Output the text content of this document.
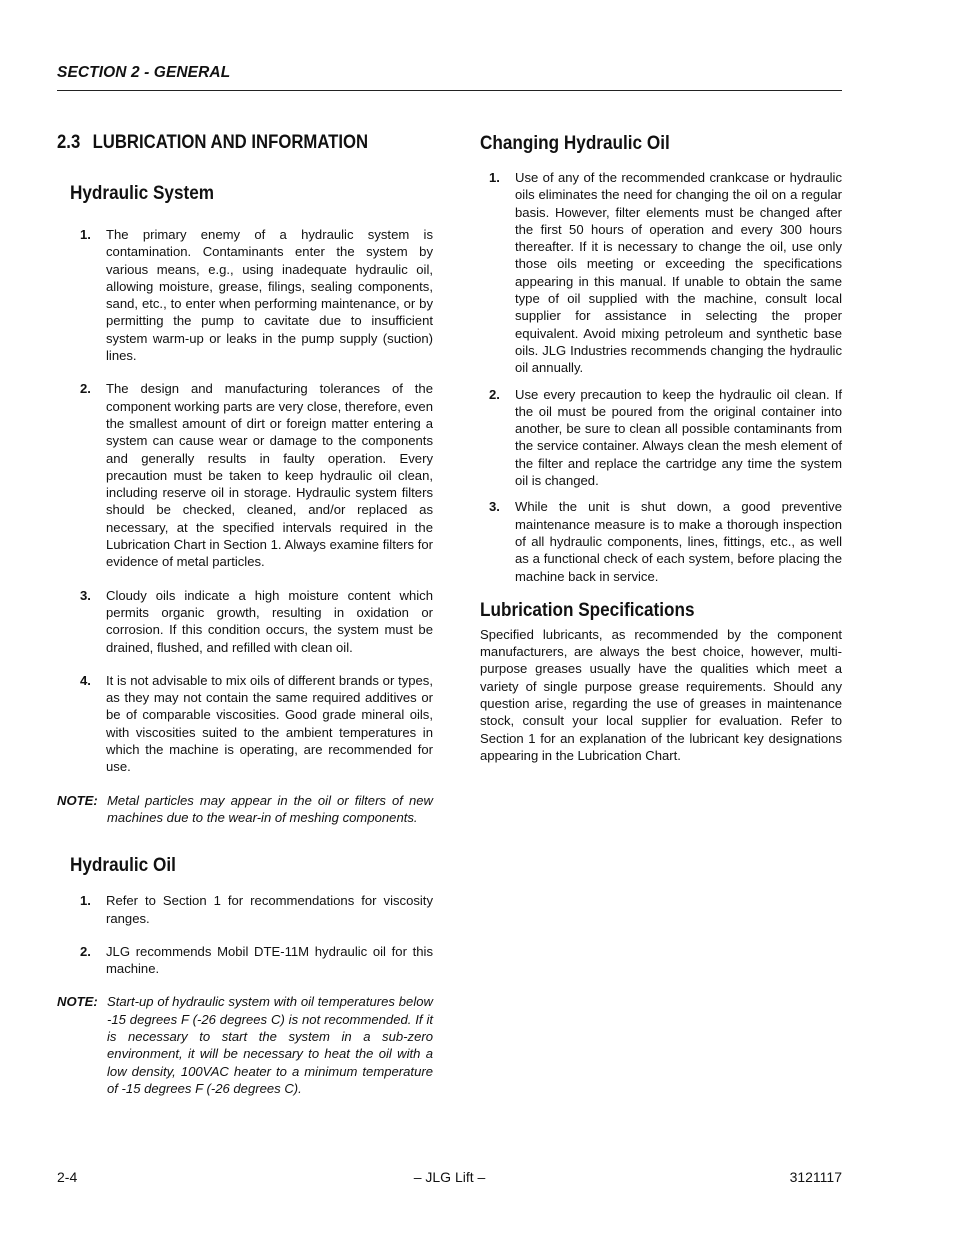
SECTION 2 - GENERAL
2.3 LUBRICATION AND INFORMATION
Hydraulic System
1.	The primary enemy of a hydraulic system is contamination. Contaminants enter the system by various means, e.g., using inadequate hydraulic oil, allowing moisture, grease, filings, sealing components, sand, etc., to enter when performing maintenance, or by permitting the pump to cavitate due to insufficient system warm-up or leaks in the pump supply (suction) lines.
2.	The design and manufacturing tolerances of the component working parts are very close, therefore, even the smallest amount of dirt or foreign matter entering a system can cause wear or damage to the components and generally results in faulty operation. Every precaution must be taken to keep hydraulic oil clean, including reserve oil in storage. Hydraulic system filters should be checked, cleaned, and/or replaced as necessary, at the specified intervals required in the Lubrication Chart in Section 1. Always examine filters for evidence of metal particles.
3.	Cloudy oils indicate a high moisture content which permits organic growth, resulting in oxidation or corrosion. If this condition occurs, the system must be drained, flushed, and refilled with clean oil.
4.	It is not advisable to mix oils of different brands or types, as they may not contain the same required additives or be of comparable viscosities. Good grade mineral oils, with viscosities suited to the ambient temperatures in which the machine is operating, are recommended for use.
NOTE: Metal particles may appear in the oil or filters of new machines due to the wear-in of meshing components.
Hydraulic Oil
1.	Refer to Section 1 for recommendations for viscosity ranges.
2.	JLG recommends Mobil DTE-11M hydraulic oil for this machine.
NOTE: Start-up of hydraulic system with oil temperatures below -15 degrees F (-26 degrees C) is not recommended. If it is necessary to start the system in a sub-zero environment, it will be necessary to heat the oil with a low density, 100VAC heater to a minimum temperature of -15 degrees F (-26 degrees C).
Changing Hydraulic Oil
1.	Use of any of the recommended crankcase or hydraulic oils eliminates the need for changing the oil on a regular basis. However, filter elements must be changed after the first 50 hours of operation and every 300 hours thereafter. If it is necessary to change the oil, use only those oils meeting or exceeding the specifications appearing in this manual. If unable to obtain the same type of oil supplied with the machine, consult local supplier for assistance in selecting the proper equivalent. Avoid mixing petroleum and synthetic base oils. JLG Industries recommends changing the hydraulic oil annually.
2.	Use every precaution to keep the hydraulic oil clean. If the oil must be poured from the original container into another, be sure to clean all possible contaminants from the service container. Always clean the mesh element of the filter and replace the cartridge any time the system oil is changed.
3.	While the unit is shut down, a good preventive maintenance measure is to make a thorough inspection of all hydraulic components, lines, fittings, etc., as well as a functional check of each system, before placing the machine back in service.
Lubrication Specifications

Specified lubricants, as recommended by the component manufacturers, are always the best choice, however, multi-purpose greases usually have the qualities which meet a variety of single purpose grease requirements. Should any question arise, regarding the use of greases in maintenance stock, consult your local supplier for evaluation. Refer to Section 1 for an explanation of the lubricant key designations appearing in the Lubrication Chart.

2-4	– JLG Lift –	3121117
